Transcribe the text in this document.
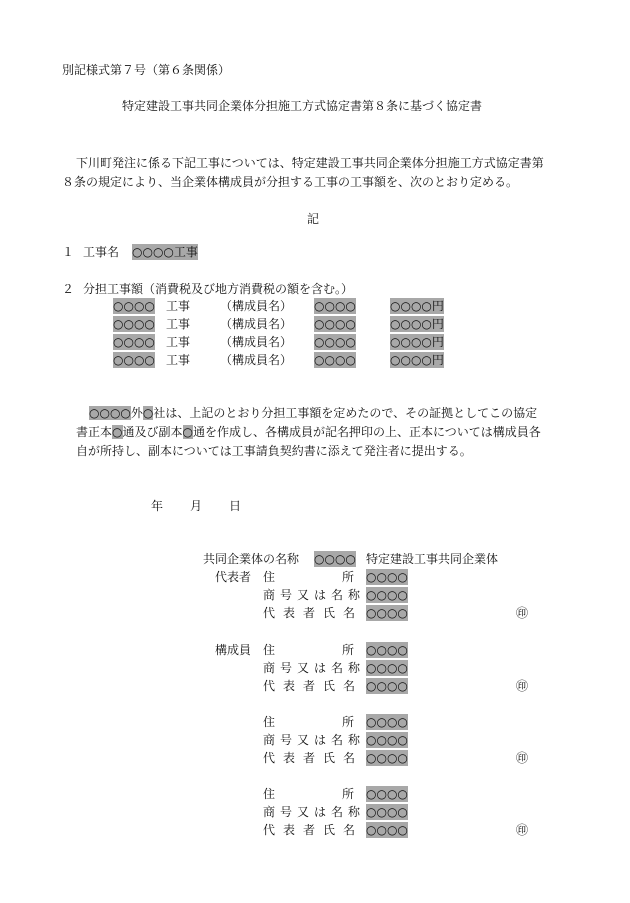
別記様式第７号（第６条関係）
特定建設工事共同企業体分担施工方式協定書第８条に基づく協定書
下川町発注に係る下記工事については、特定建設工事共同企業体分担施工方式協定書第
８条の規定により、当企業体構成員が分担する工事の工事額を、次のとおり定める。
記
１ 工事名 ○○○○工事
２ 分担工事額（消費税及び地方消費税の額を含む。）
○○○○ 工事 （構成員名） ○○○○	○○○○円
○○○○ 工事 （構成員名） ○○○○	○○○○円
○○○○ 工事 （構成員名） ○○○○	○○○○円
○○○○ 工事 （構成員名） ○○○○	○○○○円
○○○○外○社は、上記のとおり分担工事額を定めたので、その証拠としてこの協定
書正本○通及び副本○通を作成し、各構成員が記名押印の上、正本については構成員各
自が所持し、副本については工事請負契約書に添えて発注者に提出する。
年 月 日
共同企業体の名称 ○○○○ 特定建設工事共同企業体
代表者 住	所 ○○○○
商号又は名称 ○○○○
代表者氏名 ○○○○	㊞
構成員 住	所 ○○○○
商号又は名称 ○○○○
代表者氏名 ○○○○	㊞
住	所 ○○○○
商号又は名称 ○○○○
代表者氏名 ○○○○	㊞
住	所 ○○○○
商号又は名称 ○○○○
代表者氏名 ○○○○	㊞
